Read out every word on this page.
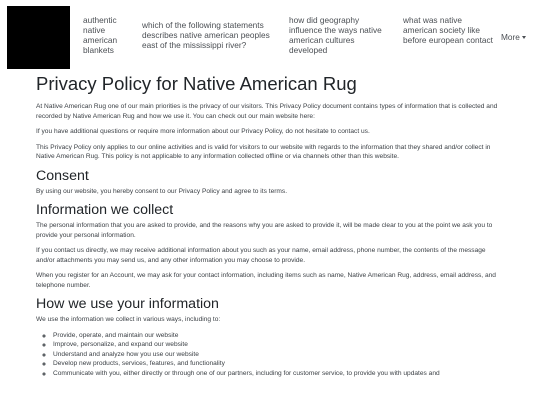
authentic native american blankets
which of the following statements describes native american peoples east of the mississippi river?
how did geography influence the ways native american cultures developed
what was native american society like before european contact More
Privacy Policy for Native American Rug

At Native American Rug one of our main priorities is the privacy of our visitors. This Privacy Policy document contains types of information that is collected and recorded by Native American Rug and how we use it. You can check out our main website here:

If you have additional questions or require more information about our Privacy Policy, do not hesitate to contact us.

This Privacy Policy only applies to our online activities and is valid for visitors to our website with regards to the information that they shared and/or collect in Native American Rug. This policy is not applicable to any information collected offline or via channels other than this website.

Consent

By using our website, you hereby consent to our Privacy Policy and agree to its terms.

Information we collect

The personal information that you are asked to provide, and the reasons why you are asked to provide it, will be made clear to you at the point we ask you to provide your personal information.

If you contact us directly, we may receive additional information about you such as your name, email address, phone number, the contents of the message and/or attachments you may send us, and any other information you may choose to provide.

When you register for an Account, we may ask for your contact information, including items such as name, Native American Rug, address, email address, and telephone number.

How we use your information

We use the information we collect in various ways, including to:

◦ Provide, operate, and maintain our website
◦ Improve, personalize, and expand our website
◦ Understand and analyze how you use our website
◦ Develop new products, services, features, and functionality
◦ Communicate with you, either directly or through one of our partners, including for customer service, to provide you with updates and
